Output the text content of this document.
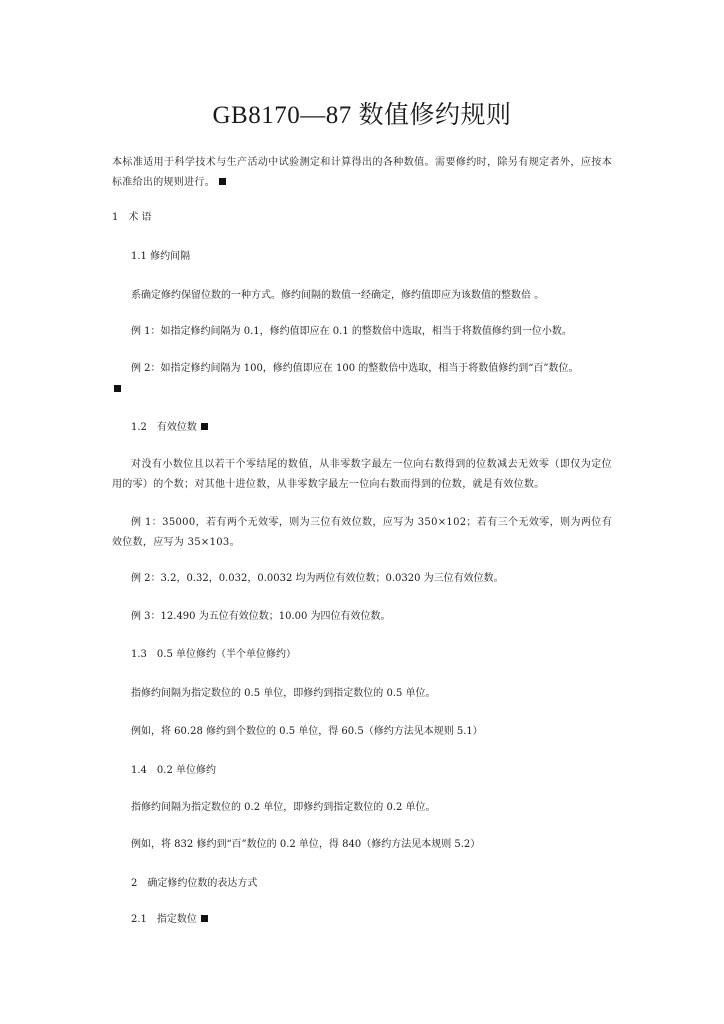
GB8170—87 数值修约规则
本标准适用于科学技术与生产活动中试验测定和计算得出的各种数值。需要修约时，除另有规定者外，应按本标准给出的规则进行。
1　术 语
1.1 修约间隔
系确定修约保留位数的一种方式。修约间隔的数值一经确定，修约值即应为该数值的整数倍 。
例 1：如指定修约间隔为 0.1，修约值即应在 0.1 的整数倍中选取，相当于将数值修约到一位小数。
例 2：如指定修约间隔为 100，修约值即应在 100 的整数倍中选取，相当于将数值修约到“百”数位。
1.2　有效位数
对没有小数位且以若干个零结尾的数值，从非零数字最左一位向右数得到的位数减去无效零（即仅为定位用的零）的个数；对其他十进位数，从非零数字最左一位向右数而得到的位数，就是有效位数。
例 1：35000，若有两个无效零，则为三位有效位数，应写为 350×102；若有三个无效零，则为两位有效位数，应写为 35×103。
例 2：3.2，0.32，0.032，0.0032 均为两位有效位数；0.0320 为三位有效位数。
例 3：12.490 为五位有效位数；10.00 为四位有效位数。
1.3　0.5 单位修约（半个单位修约）
指修约间隔为指定数位的 0.5 单位，即修约到指定数位的 0.5 单位。
例如，将 60.28 修约到个数位的 0.5 单位，得 60.5（修约方法见本规则 5.1）
1.4　0.2 单位修约
指修约间隔为指定数位的 0.2 单位，即修约到指定数位的 0.2 单位。
例如，将 832 修约到“百”数位的 0.2 单位，得 840（修约方法见本规则 5.2）
2　确定修约位数的表达方式
2.1　指定数位
